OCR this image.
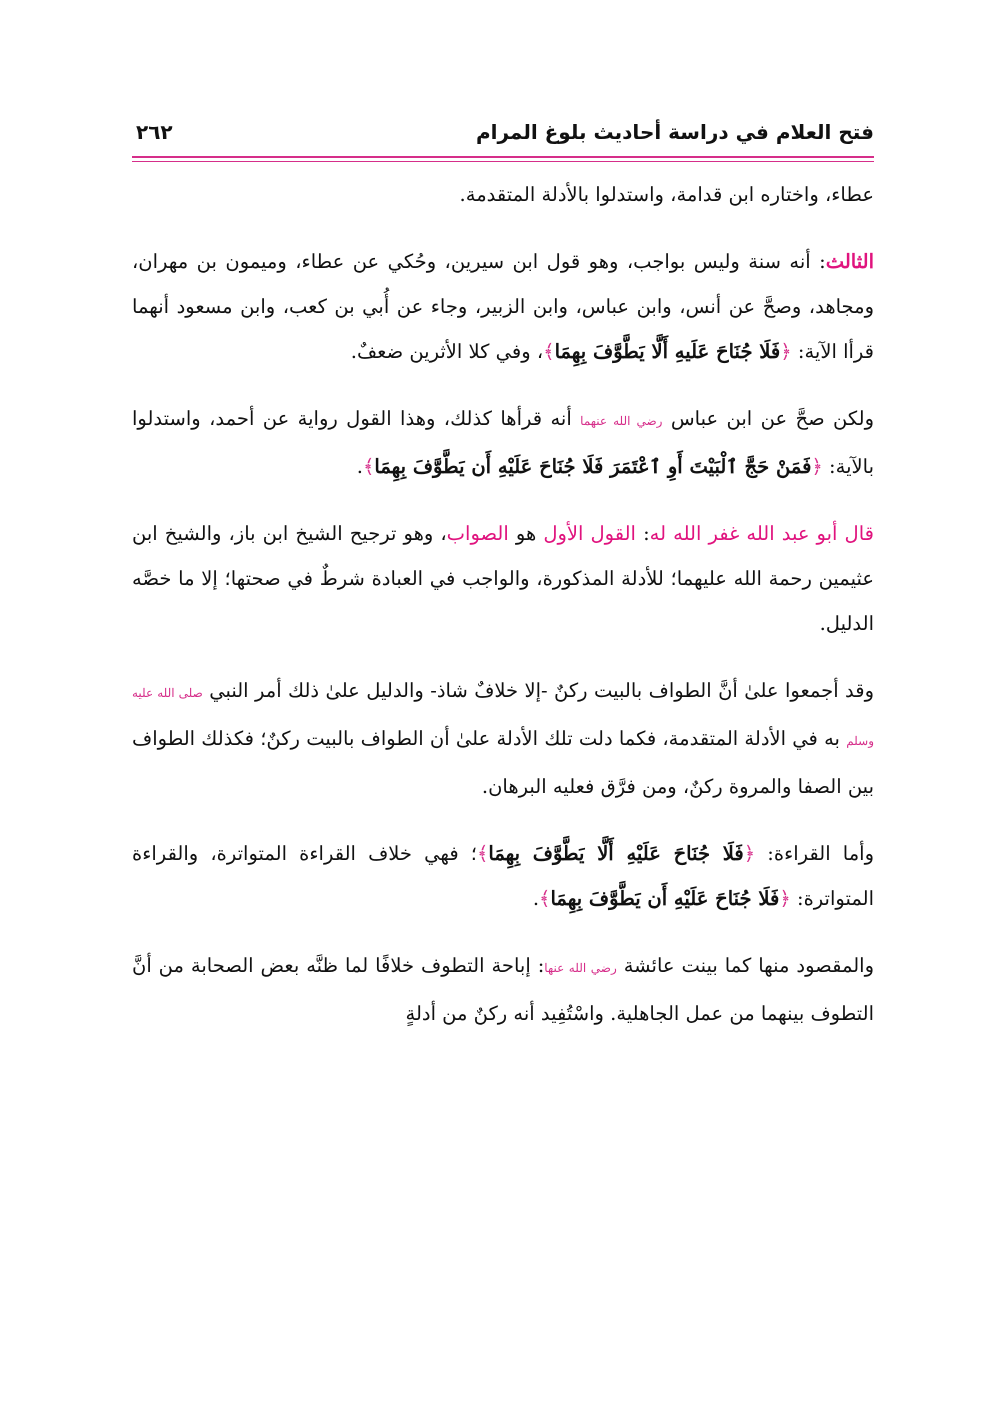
فتح العلام في دراسة أحاديث بلوغ المرام
٢٦٢

عطاء، واختاره ابن قدامة، واستدلوا بالأدلة المتقدمة.

الثالث: أنه سنة وليس بواجب، وهو قول ابن سيرين، وحُكي عن عطاء، وميمون بن مهران، ومجاهد، وصحَّ عن أنس، وابن عباس، وابن الزبير، وجاء عن أُبي بن كعب، وابن مسعود أنهما قرأا الآية: ﴿فَلَا جُنَاحَ عَلَيهِ أَلَّا يَطَّوَّفَ بِهِمَا﴾، وفي كلا الأثرين ضعفٌ.

ولكن صحَّ عن ابن عباس رضي الله عنهما أنه قرأها كذلك، وهذا القول رواية عن أحمد، واستدلوا بالآية: ﴿فَمَنْ حَجَّ ٱلْبَيْتَ أَوِ ٱعْتَمَرَ فَلَا جُنَاحَ عَلَيْهِ أَن يَطَّوَّفَ بِهِمَا﴾.

قال أبو عبد الله غفر الله له: القول الأول هو الصواب، وهو ترجيح الشيخ ابن باز، والشيخ ابن عثيمين رحمة الله عليهما؛ للأدلة المذكورة، والواجب في العبادة شرطٌ في صحتها؛ إلا ما خصَّه الدليل.

وقد أجمعوا علىٰ أنَّ الطواف بالبيت ركنٌ -إلا خلافٌ شاذ- والدليل علىٰ ذلك أمر النبي صلى الله عليه وسلم به في الأدلة المتقدمة، فكما دلت تلك الأدلة علىٰ أن الطواف بالبيت ركنٌ؛ فكذلك الطواف بين الصفا والمروة ركنٌ، ومن فرَّق فعليه البرهان.

وأما القراءة: ﴿فَلَا جُنَاحَ عَلَيْهِ أَلَّا يَطَّوَّفَ بِهِمَا﴾؛ فهي خلاف القراءة المتواترة، والقراءة المتواترة: ﴿فَلَا جُنَاحَ عَلَيْهِ أَن يَطَّوَّفَ بِهِمَا﴾.

والمقصود منها كما بينت عائشة رضي الله عنها: إباحة التطوف خلافًا لما ظنَّه بعض الصحابة من أنَّ التطوف بينهما من عمل الجاهلية. واسْتُفِيد أنه ركنٌ من أدلةٍ
